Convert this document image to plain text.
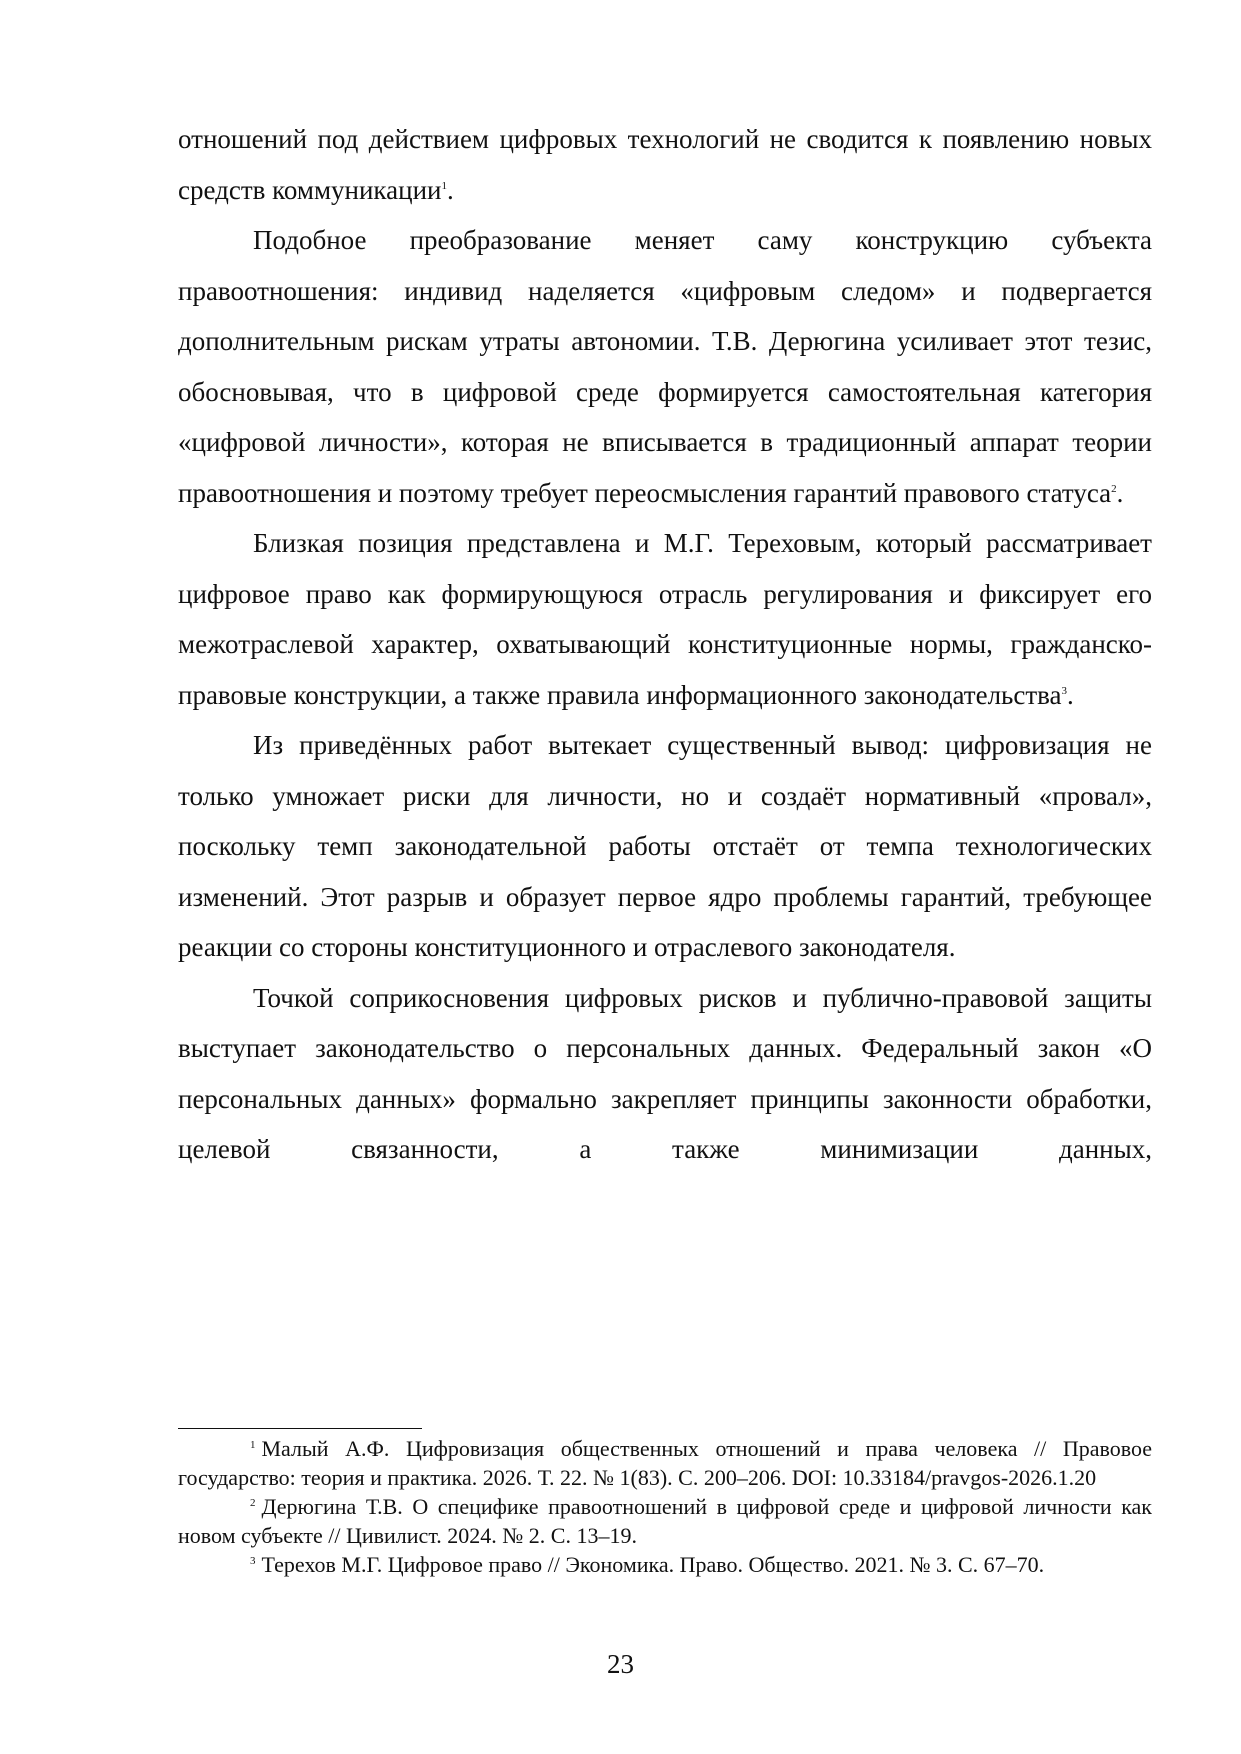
отношений под действием цифровых технологий не сводится к появлению новых средств коммуникации$^1$.

Подобное преобразование меняет саму конструкцию субъекта правоотношения: индивид наделяется «цифровым следом» и подвергается дополнительным рискам утраты автономии. Т.В. Дерюгина усиливает этот тезис, обосновывая, что в цифровой среде формируется самостоятельная категория «цифровой личности», которая не вписывается в традиционный аппарат теории правоотношения и поэтому требует переосмысления гарантий правового статуса$^2$.

Близкая позиция представлена и М.Г. Тереховым, который рассматривает цифровое право как формирующуюся отрасль регулирования и фиксирует его межотраслевой характер, охватывающий конституционные нормы, гражданско-правовые конструкции, а также правила информационного законодательства$^3$.

Из приведённых работ вытекает существенный вывод: цифровизация не только умножает риски для личности, но и создаёт нормативный «провал», поскольку темп законодательной работы отстаёт от темпа технологических изменений. Этот разрыв и образует первое ядро проблемы гарантий, требующее реакции со стороны конституционного и отраслевого законодателя.

Точкой соприкосновения цифровых рисков и публично-правовой защиты выступает законодательство о персональных данных. Федеральный закон «О персональных данных» формально закрепляет принципы законности обработки, целевой связанности, а также минимизации данных,

$^1$ Малый А.Ф. Цифровизация общественных отношений и права человека // Правовое государство: теория и практика. 2026. Т. 22. № 1(83). С. 200–206. DOI: 10.33184/pravgos-2026.1.20

$^2$ Дерюгина Т.В. О специфике правоотношений в цифровой среде и цифровой личности как новом субъекте // Цивилист. 2024. № 2. С. 13–19.

$^3$ Терехов М.Г. Цифровое право // Экономика. Право. Общество. 2021. № 3. С. 67–70.

23
